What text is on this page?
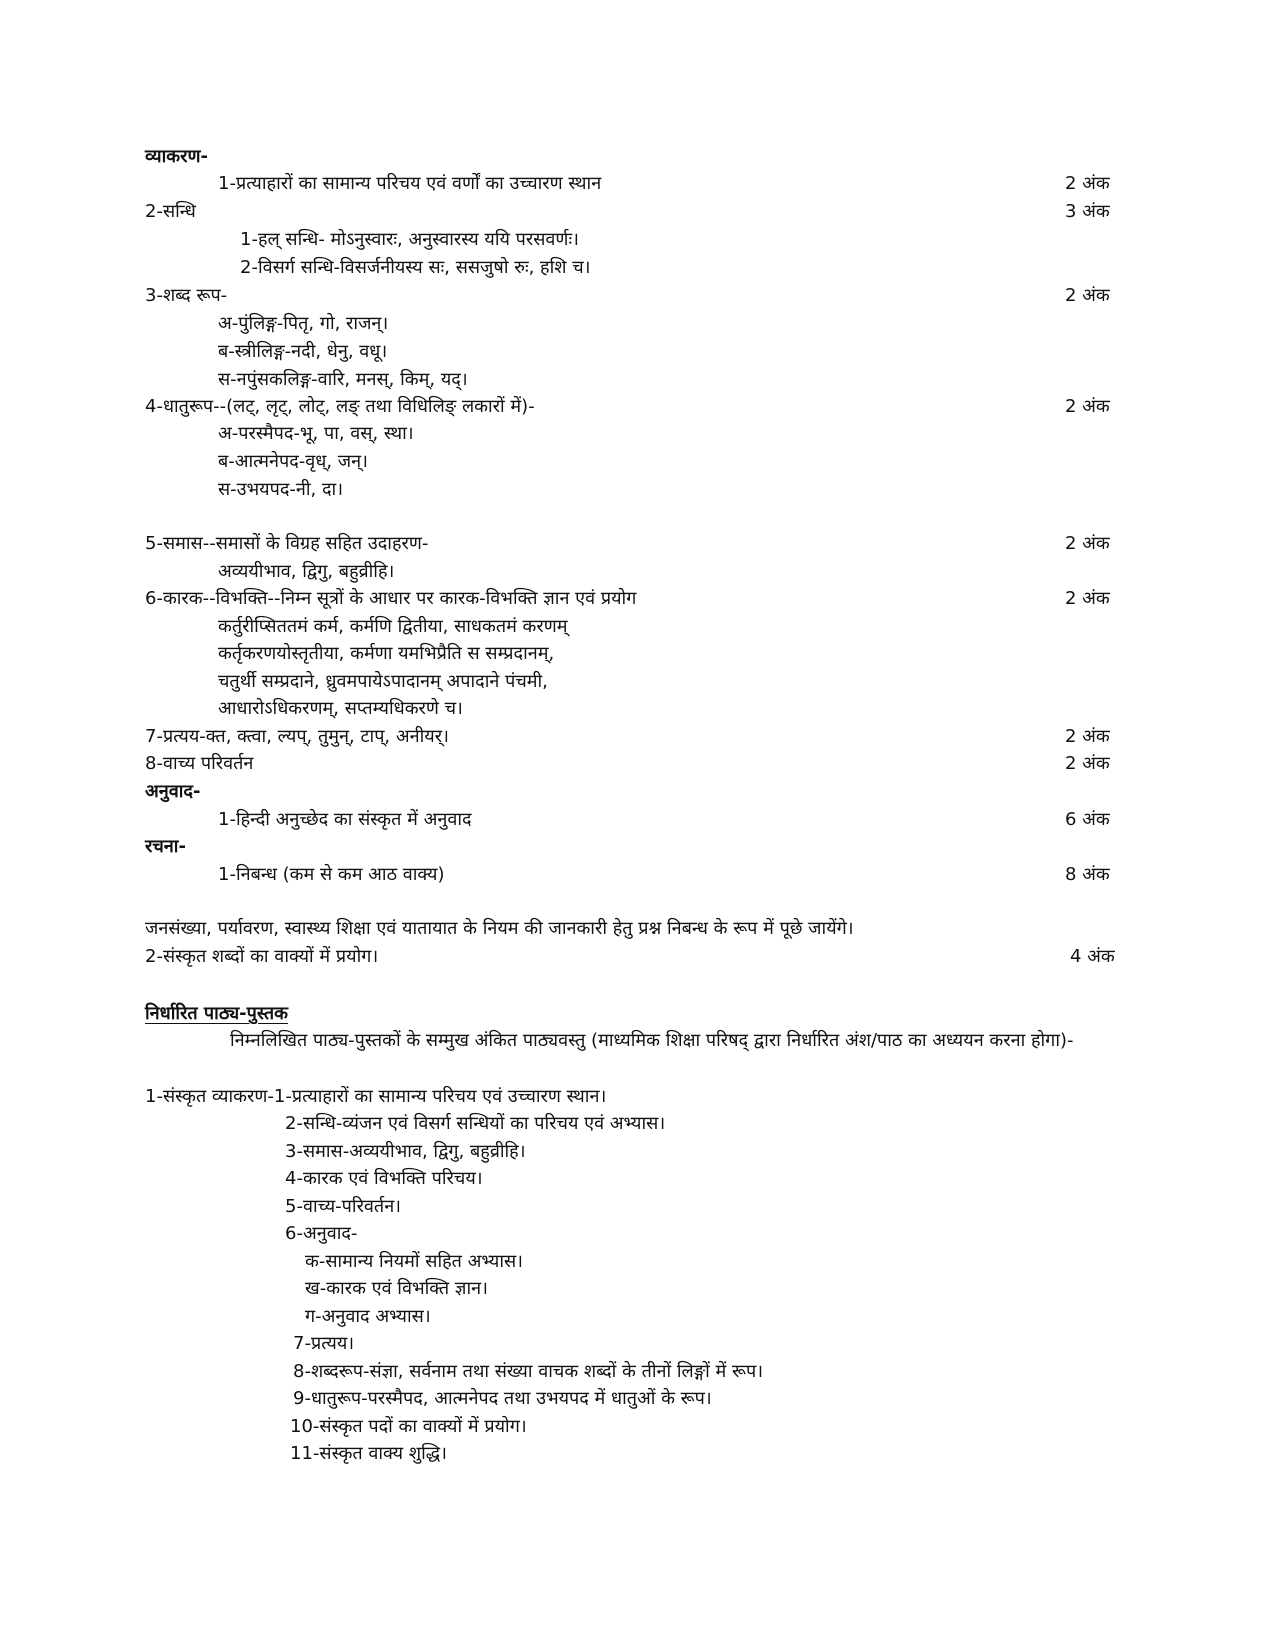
व्याकरण-
1-प्रत्याहारों का सामान्य परिचय एवं वर्णों का उच्चारण स्थान	2 अंक
2-सन्धि	3 अंक
1-हल् सन्धि- मोऽनुस्वारः, अनुस्वारस्य ययि परसवर्णः।
2-विसर्ग सन्धि-विसर्जनीयस्य सः, ससजुषो रुः, हशि च।
3-शब्द रूप-	2 अंक
अ-पुंलिङ्ग-पितृ, गो, राजन्।
ब-स्त्रीलिङ्ग-नदी, धेनु, वधू।
स-नपुंसकलिङ्ग-वारि, मनस्, किम्, यद्।
4-धातुरूप--(लट्, लृट्, लोट्, लङ् तथा विधिलिङ् लकारों में)-	2 अंक
अ-परस्मैपद-भू, पा, वस्, स्था।
ब-आत्मनेपद-वृध्, जन्।
स-उभयपद-नी, दा।
5-समास--समासों के विग्रह सहित उदाहरण-	2 अंक
अव्ययीभाव, द्विगु, बहुव्रीहि।
6-कारक--विभक्ति--निम्न सूत्रों के आधार पर कारक-विभक्ति ज्ञान एवं प्रयोग	2 अंक
कर्तुरीप्सिततमं कर्म, कर्मणि द्वितीया, साधकतमं करणम्
कर्तृकरणयोस्तृतीया, कर्मणा यमभिप्रैति स सम्प्रदानम्,
चतुर्थी सम्प्रदाने, ध्रुवमपायेऽपादानम् अपादाने पंचमी,
आधारोऽधिकरणम्, सप्तम्यधिकरणे च।
7-प्रत्यय-क्त, क्त्वा, ल्यप्, तुमुन्, टाप्, अनीयर्।	2 अंक
8-वाच्य परिवर्तन	2 अंक
अनुवाद-
1-हिन्दी अनुच्छेद का संस्कृत में अनुवाद	6 अंक
रचना-
1-निबन्ध (कम से कम आठ वाक्य)	8 अंक
जनसंख्या, पर्यावरण, स्वास्थ्य शिक्षा एवं यातायात के नियम की जानकारी हेतु प्रश्न निबन्ध के रूप में पूछे जायेंगे।
2-संस्कृत शब्दों का वाक्यों में प्रयोग।	4 अंक
निर्धारित पाठ्य-पुस्तक
निम्नलिखित पाठ्य-पुस्तकों के सम्मुख अंकित पाठ्यवस्तु (माध्यमिक शिक्षा परिषद् द्वारा निर्धारित अंश/पाठ का अध्ययन करना होगा)-
1-संस्कृत व्याकरण-1-प्रत्याहारों का सामान्य परिचय एवं उच्चारण स्थान।
2-सन्धि-व्यंजन एवं विसर्ग सन्धियों का परिचय एवं अभ्यास।
3-समास-अव्ययीभाव, द्विगु, बहुव्रीहि।
4-कारक एवं विभक्ति परिचय।
5-वाच्य-परिवर्तन।
6-अनुवाद-
क-सामान्य नियमों सहित अभ्यास।
ख-कारक एवं विभक्ति ज्ञान।
ग-अनुवाद अभ्यास।
7-प्रत्यय।
8-शब्दरूप-संज्ञा, सर्वनाम तथा संख्या वाचक शब्दों के तीनों लिङ्गों में रूप।
9-धातुरूप-परस्मैपद, आत्मनेपद तथा उभयपद में धातुओं के रूप।
10-संस्कृत पदों का वाक्यों में प्रयोग।
11-संस्कृत वाक्य शुद्धि।
